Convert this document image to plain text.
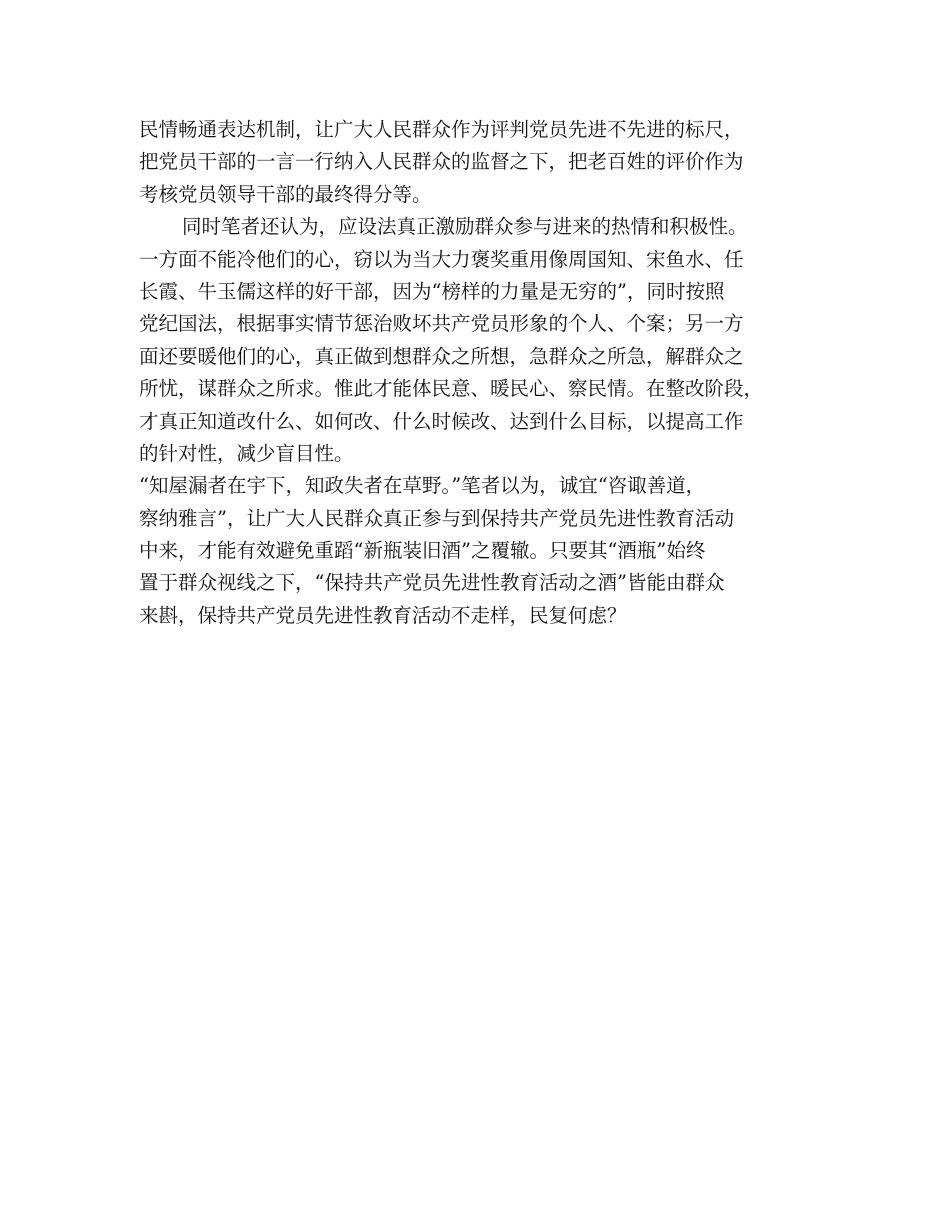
民情畅通表达机制，让广大人民群众作为评判党员先进不先进的标尺，
把党员干部的一言一行纳入人民群众的监督之下，把老百姓的评价作为
考核党员领导干部的最终得分等。
同时笔者还认为，应设法真正激励群众参与进来的热情和积极性。
一方面不能冷他们的心，窃以为当大力褒奖重用像周国知、宋鱼水、任
长霞、牛玉儒这样的好干部，因为“榜样的力量是无穷的”，同时按照
党纪国法，根据事实情节惩治败坏共产党员形象的个人、个案；另一方
面还要暖他们的心，真正做到想群众之所想，急群众之所急，解群众之
所忧，谋群众之所求。惟此才能体民意、暖民心、察民情。在整改阶段，
才真正知道改什么、如何改、什么时候改、达到什么目标，以提高工作
的针对性，减少盲目性。
“知屋漏者在宇下，知政失者在草野。”笔者以为，诚宜“咨诹善道，
察纳雅言”，让广大人民群众真正参与到保持共产党员先进性教育活动
中来，才能有效避免重蹈“新瓶装旧酒”之覆辙。只要其“酒瓶”始终
置于群众视线之下，“保持共产党员先进性教育活动之酒”皆能由群众
来斟，保持共产党员先进性教育活动不走样，民复何虑？
